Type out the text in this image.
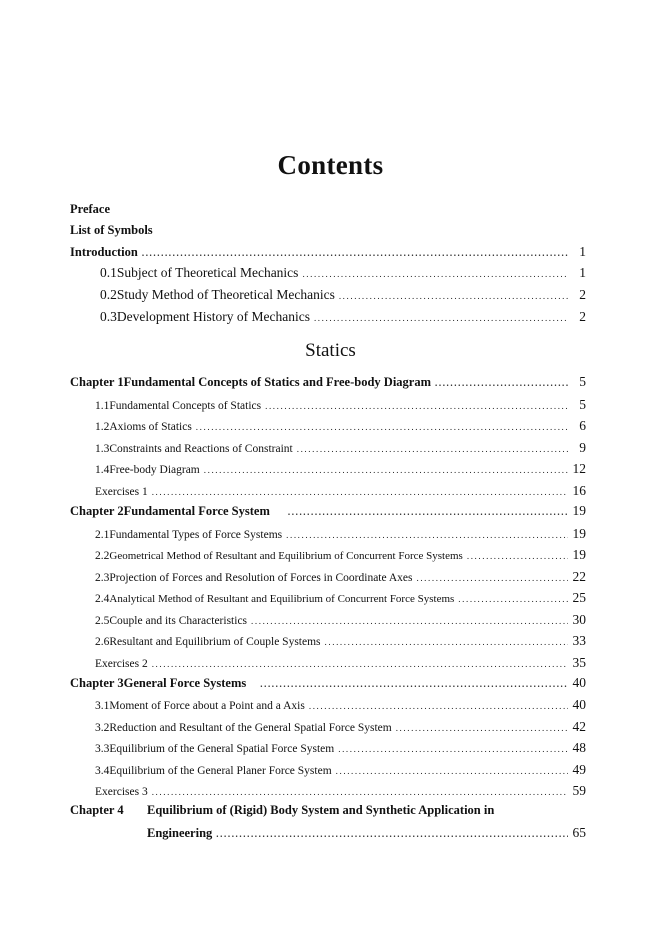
Contents
Preface
List of Symbols
Introduction .....	1
0.1 Subject of Theoretical Mechanics .....	1
0.2 Study Method of Theoretical Mechanics .....	2
0.3 Development History of Mechanics .....	2
Statics
Chapter 1 Fundamental Concepts of Statics and Free-body Diagram .....	5
1.1 Fundamental Concepts of Statics .....	5
1.2 Axioms of Statics .....	6
1.3 Constraints and Reactions of Constraint .....	9
1.4 Free-body Diagram .....	12
Exercises 1 .....	16
Chapter 2 Fundamental Force System .....	19
2.1 Fundamental Types of Force Systems .....	19
2.2 Geometrical Method of Resultant and Equilibrium of Concurrent Force Systems .....	19
2.3 Projection of Forces and Resolution of Forces in Coordinate Axes .....	22
2.4 Analytical Method of Resultant and Equilibrium of Concurrent Force Systems .....	25
2.5 Couple and its Characteristics .....	30
2.6 Resultant and Equilibrium of Couple Systems .....	33
Exercises 2 .....	35
Chapter 3 General Force Systems .....	40
3.1 Moment of Force about a Point and a Axis .....	40
3.2 Reduction and Resultant of the General Spatial Force System .....	42
3.3 Equilibrium of the General Spatial Force System .....	48
3.4 Equilibrium of the General Planer Force System .....	49
Exercises 3 .....	59
Chapter 4	Equilibrium of (Rigid) Body System and Synthetic Application in
Engineering .....	65
